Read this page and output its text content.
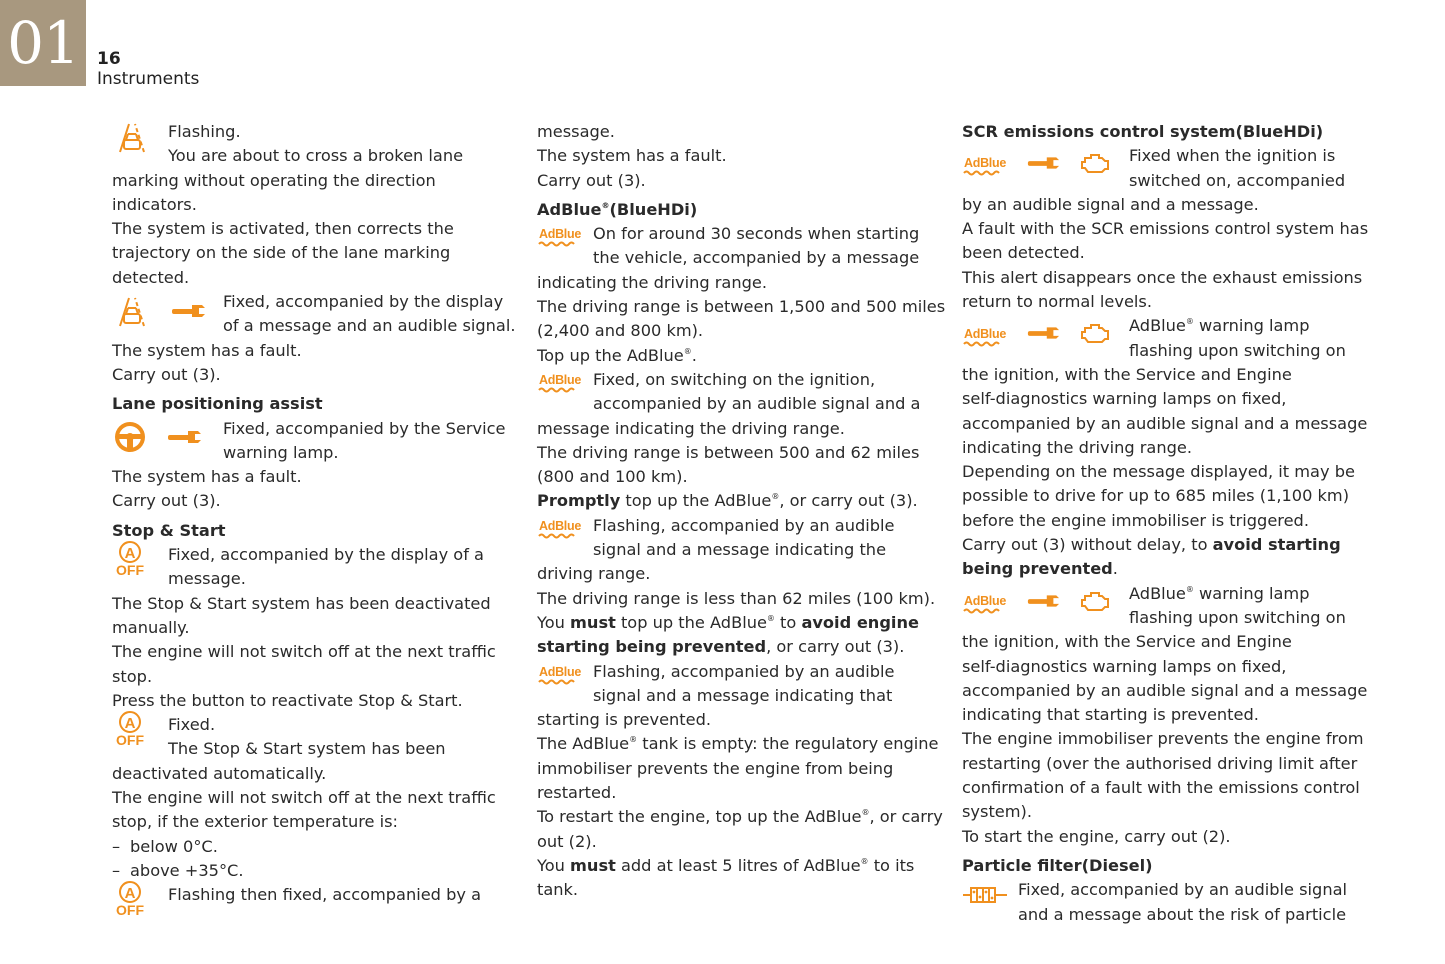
01	16
Instruments
Flashing.
You are about to cross a broken lane
marking without operating the direction
indicators.
The system is activated, then corrects the
trajectory on the side of the lane marking
detected.
Fixed, accompanied by the display
of a message and an audible signal.
The system has a fault.
Carry out (3).
Lane positioning assist
Fixed, accompanied by the Service
warning lamp.
The system has a fault.
Carry out (3).
Stop & Start
A
OFF
Fixed, accompanied by the display of a
message.
The Stop & Start system has been deactivated
manually.
The engine will not switch off at the next traffic
stop.
Press the button to reactivate Stop & Start.
A
OFF
Fixed.
The Stop & Start system has been
deactivated automatically.
The engine will not switch off at the next traffic
stop, if the exterior temperature is:
– below 0°C.
– above +35°C.
A
OFF
Flashing then fixed, accompanied by a
message.
The system has a fault.
Carry out (3).
AdBlue®(BlueHDi)
AdBlue On for around 30 seconds when starting
the vehicle, accompanied by a message
indicating the driving range.
The driving range is between 1,500 and 500 miles
(2,400 and 800 km).
Top up the AdBlue®.
AdBlue Fixed, on switching on the ignition,
accompanied by an audible signal and a
message indicating the driving range.
The driving range is between 500 and 62 miles
(800 and 100 km).
Promptly top up the AdBlue®, or carry out (3).
AdBlue Flashing, accompanied by an audible
signal and a message indicating the
driving range.
The driving range is less than 62 miles (100 km).
You must top up the AdBlue® to avoid engine
starting being prevented, or carry out (3).
AdBlue Flashing, accompanied by an audible
signal and a message indicating that
starting is prevented.
The AdBlue® tank is empty: the regulatory engine
immobiliser prevents the engine from being
restarted.
To restart the engine, top up the AdBlue®, or carry
out (2).
You must add at least 5 litres of AdBlue® to its
tank.
SCR emissions control system(BlueHDi)
AdBlue	Fixed when the ignition is
switched on, accompanied
by an audible signal and a message.
A fault with the SCR emissions control system has
been detected.
This alert disappears once the exhaust emissions
return to normal levels.
AdBlue	AdBlue® warning lamp
flashing upon switching on
the ignition, with the Service and Engine
self-diagnostics warning lamps on fixed,
accompanied by an audible signal and a message
indicating the driving range.
Depending on the message displayed, it may be
possible to drive for up to 685 miles (1,100 km)
before the engine immobiliser is triggered.
Carry out (3) without delay, to avoid starting
being prevented.
AdBlue	AdBlue® warning lamp
flashing upon switching on
the ignition, with the Service and Engine
self-diagnostics warning lamps on fixed,
accompanied by an audible signal and a message
indicating that starting is prevented.
The engine immobiliser prevents the engine from
restarting (over the authorised driving limit after
confirmation of a fault with the emissions control
system).
To start the engine, carry out (2).
Particle filter(Diesel)
Fixed, accompanied by an audible signal
and a message about the risk of particle
